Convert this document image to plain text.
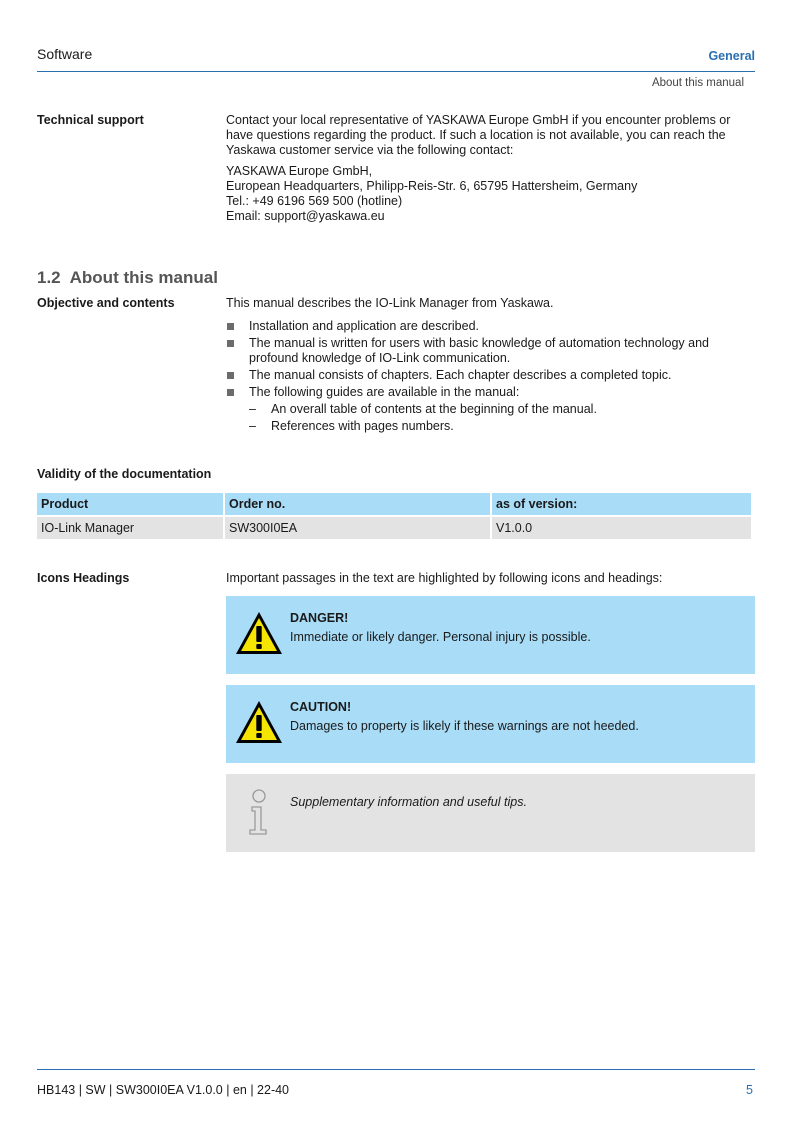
Software	General
About this manual
Technical support	Contact your local representative of YASKAWA Europe GmbH if you encounter problems or have questions regarding the product. If such a location is not available, you can reach the Yaskawa customer service via the following contact:
YASKAWA Europe GmbH,
European Headquarters, Philipp-Reis-Str. 6, 65795 Hattersheim, Germany
Tel.: +49 6196 569 500 (hotline)
Email: support@yaskawa.eu
1.2 About this manual
Objective and contents	This manual describes the IO-Link Manager from Yaskawa.
Installation and application are described.
The manual is written for users with basic knowledge of automation technology and profound knowledge of IO-Link communication.
The manual consists of chapters. Each chapter describes a completed topic.
The following guides are available in the manual:
– An overall table of contents at the beginning of the manual.
– References with pages numbers.
Validity of the documentation
Product	Order no.	as of version:
IO-Link Manager	SW300I0EA	V1.0.0
Icons Headings	Important passages in the text are highlighted by following icons and headings:
DANGER!
Immediate or likely danger. Personal injury is possible.
CAUTION!
Damages to property is likely if these warnings are not heeded.
Supplementary information and useful tips.
HB143 | SW | SW300I0EA V1.0.0 | en | 22-40	5
